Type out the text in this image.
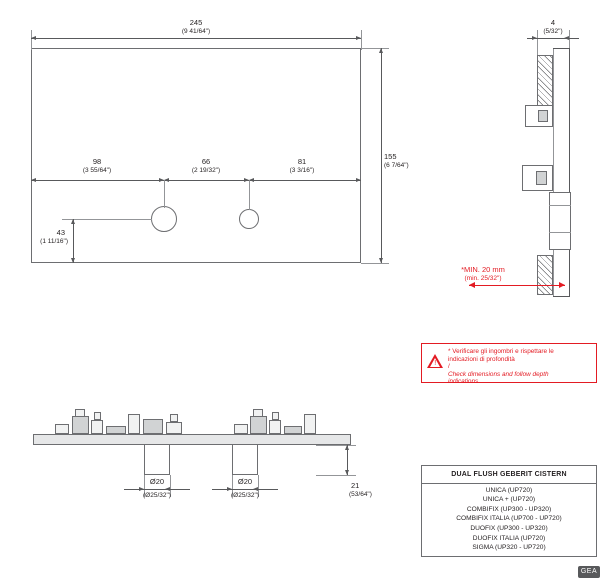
GEA
245
(9 41/64")
155
(6 7/64")
98
(3 55/64")
66
(2 19/32")
81
(3 3/16")
43
(1 11/16")
4
(5/32")
*MIN. 20 mm
(min. 25/32")
Ø20
(Ø25/32")
Ø20
(Ø25/32")
21
(53/64")
!
* Verificare gli ingombri e rispettare le
indicazioni di profondità
/
Check dimensions and follow depth
indications
DUAL FLUSH GEBERIT CISTERN
UNICA (UP720)
UNICA + (UP720)
COMBIFIX (UP300 - UP320)
COMBIFIX ITALIA (UP700 - UP720)
DUOFIX (UP300 - UP320)
DUOFIX ITALIA (UP720)
SIGMA (UP320 - UP720)
